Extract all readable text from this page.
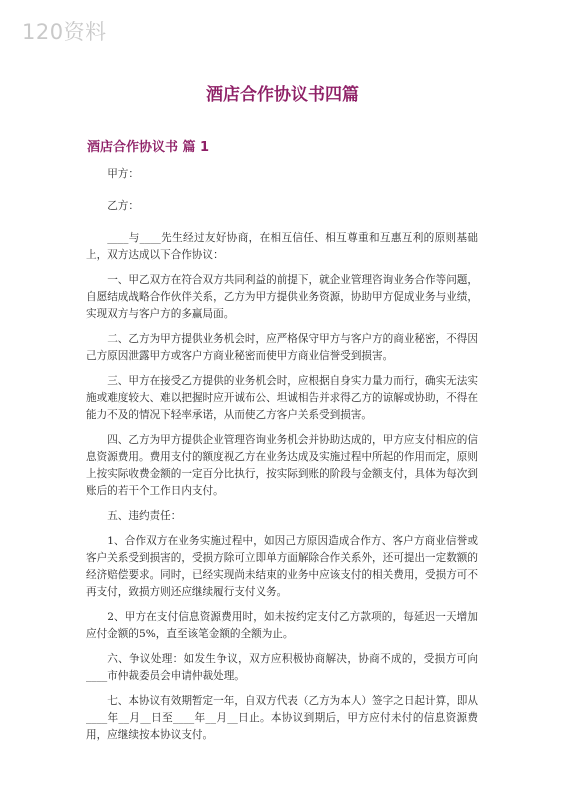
120资料
酒店合作协议书四篇
酒店合作协议书 篇 1

甲方：

乙方：

____与____先生经过友好协商，在相互信任、相互尊重和互惠互利的原则基础上，双方达成以下合作协议：

一、甲乙双方在符合双方共同利益的前提下，就企业管理咨询业务合作等问题，自愿结成战略合作伙伴关系，乙方为甲方提供业务资源，协助甲方促成业务与业绩，实现双方与客户方的多赢局面。

二、乙方为甲方提供业务机会时，应严格保守甲方与客户方的商业秘密，不得因己方原因泄露甲方或客户方商业秘密而使甲方商业信誉受到损害。

三、甲方在接受乙方提供的业务机会时，应根据自身实力量力而行，确实无法实施或难度较大、难以把握时应开诚布公、坦诚相告并求得乙方的谅解或协助，不得在能力不及的情况下轻率承诺，从而使乙方客户关系受到损害。

四、乙方为甲方提供企业管理咨询业务机会并协助达成的，甲方应支付相应的信息资源费用。费用支付的额度视乙方在业务达成及实施过程中所起的作用而定，原则上按实际收费金额的一定百分比执行，按实际到账的阶段与金额支付，具体为每次到账后的若干个工作日内支付。

五、违约责任：

1、合作双方在业务实施过程中，如因己方原因造成合作方、客户方商业信誉或客户关系受到损害的，受损方除可立即单方面解除合作关系外，还可提出一定数额的经济赔偿要求。同时，已经实现尚未结束的业务中应该支付的相关费用，受损方可不再支付，致损方则还应继续履行支付义务。

2、甲方在支付信息资源费用时，如未按约定支付乙方款项的，每延迟一天增加应付金额的5%，直至该笔金额的全额为止。

六、争议处理：如发生争议，双方应积极协商解决，协商不成的，受损方可向____市仲裁委员会申请仲裁处理。

七、本协议有效期暂定一年，自双方代表（乙方为本人）签字之日起计算，即从____年__月__日至____年__月__日止。本协议到期后，甲方应付未付的信息资源费用，应继续按本协议支付。
